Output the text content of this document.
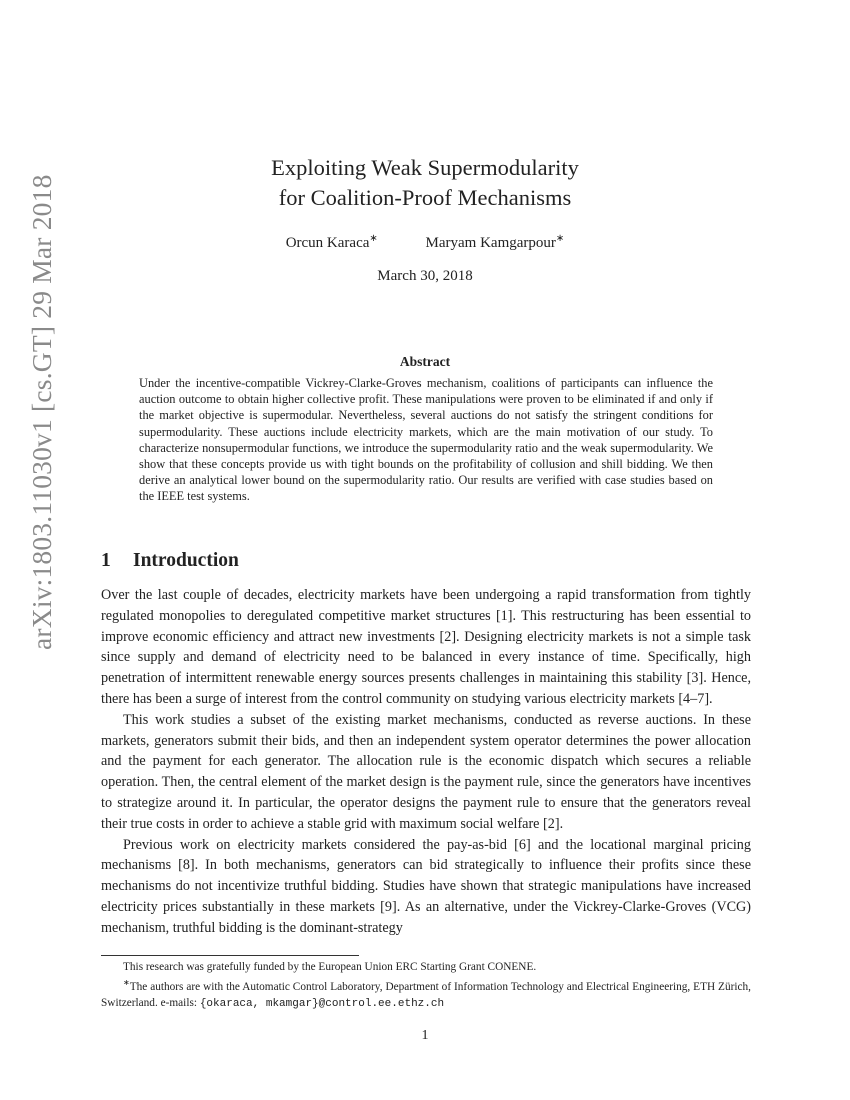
arXiv:1803.11030v1 [cs.GT] 29 Mar 2018
Exploiting Weak Supermodularity
for Coalition-Proof Mechanisms
Orcun Karaca∗	Maryam Kamgarpour∗
March 30, 2018
Abstract
Under the incentive-compatible Vickrey-Clarke-Groves mechanism, coalitions of participants can influence the auction outcome to obtain higher collective profit. These manipulations were proven to be eliminated if and only if the market objective is supermodular. Nevertheless, several auctions do not satisfy the stringent conditions for supermodularity. These auctions include electricity markets, which are the main motivation of our study. To characterize nonsupermodular functions, we introduce the supermodularity ratio and the weak supermodularity. We show that these concepts provide us with tight bounds on the profitability of collusion and shill bidding. We then derive an analytical lower bound on the supermodularity ratio. Our results are verified with case studies based on the IEEE test systems.
1 Introduction

Over the last couple of decades, electricity markets have been undergoing a rapid transformation from tightly regulated monopolies to deregulated competitive market structures [1]. This restructuring has been essential to improve economic efficiency and attract new investments [2]. Designing electricity markets is not a simple task since supply and demand of electricity need to be balanced in every instance of time. Specifically, high penetration of intermittent renewable energy sources presents challenges in maintaining this stability [3]. Hence, there has been a surge of interest from the control community on studying various electricity markets [4–7].

This work studies a subset of the existing market mechanisms, conducted as reverse auctions. In these markets, generators submit their bids, and then an independent system operator determines the power allocation and the payment for each generator. The allocation rule is the economic dispatch which secures a reliable operation. Then, the central element of the market design is the payment rule, since the generators have incentives to strategize around it. In particular, the operator designs the payment rule to ensure that the generators reveal their true costs in order to achieve a stable grid with maximum social welfare [2].

Previous work on electricity markets considered the pay-as-bid [6] and the locational marginal pricing mechanisms [8]. In both mechanisms, generators can bid strategically to influence their profits since these mechanisms do not incentivize truthful bidding. Studies have shown that strategic manipulations have increased electricity prices substantially in these markets [9]. As an alternative, under the Vickrey-Clarke-Groves (VCG) mechanism, truthful bidding is the dominant-strategy

This research was gratefully funded by the European Union ERC Starting Grant CONENE.

∗The authors are with the Automatic Control Laboratory, Department of Information Technology and Electrical Engineering, ETH Zürich, Switzerland. e-mails: {okaraca, mkamgar}@control.ee.ethz.ch

1
